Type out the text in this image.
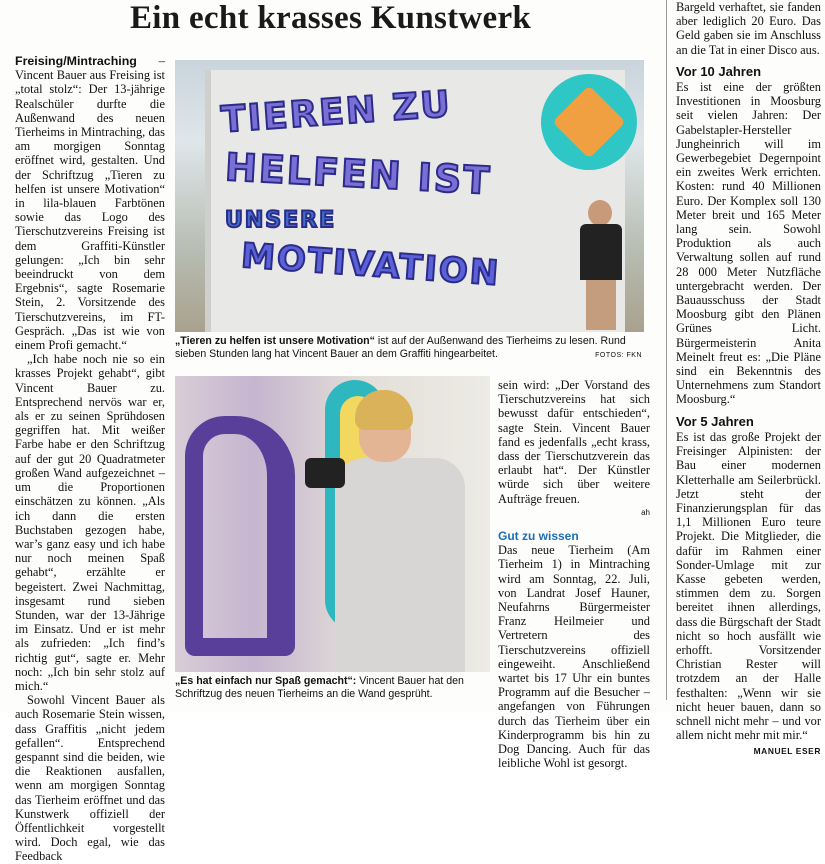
Ein echt krasses Kunstwerk

Freising/Mintraching – Vincent Bauer aus Freising ist „total stolz“: Der 13-jährige Realschüler durfte die Außenwand des neuen Tierheims in Mintraching, das am morgigen Sonntag eröffnet wird, gestalten. Und der Schriftzug „Tieren zu helfen ist unsere Motivation“ in lila-blauen Farbtönen sowie das Logo des Tierschutzvereins Freising ist dem Graffiti-Künstler gelungen: „Ich bin sehr beeindruckt von dem Ergebnis“, sagte Rosemarie Stein, 2. Vorsitzende des Tierschutzvereins, im FT-Gespräch. „Das ist wie von einem Profi gemacht.“

„Ich habe noch nie so ein krasses Projekt gehabt“, gibt Vincent Bauer zu. Entsprechend nervös war er, als er zu seinen Sprühdosen gegriffen hat. Mit weißer Farbe habe er den Schriftzug auf der gut 20 Quadratmeter großen Wand aufgezeichnet – um die Proportionen einschätzen zu können. „Als ich dann die ersten Buchstaben gezogen habe, war’s ganz easy und ich habe nur noch meinen Spaß gehabt“, erzählte er begeistert. Zwei Nachmittag, insgesamt rund sieben Stunden, war der 13-Jährige im Einsatz. Und er ist mehr als zufrieden: „Ich find’s richtig gut“, sagte er. Mehr noch: „Ich bin sehr stolz auf mich.“

Sowohl Vincent Bauer als auch Rosemarie Stein wissen, dass Graffitis „nicht jedem gefallen“. Entsprechend gespannt sind die beiden, wie die Reaktionen ausfallen, wenn am morgigen Sonntag das Tierheim eröffnet und das Kunstwerk offiziell der Öffentlichkeit vorgestellt wird. Doch egal, wie das Feedback

TIEREN ZU
HELFEN IST
UNSERE
MOTIVATION
„Tieren zu helfen ist unsere Motivation“ ist auf der Außenwand des Tierheims zu lesen. Rund sieben Stunden lang hat Vincent Bauer an dem Graffiti hingearbeitet.	FOTOS: FKN
„Es hat einfach nur Spaß gemacht“: Vincent Bauer hat den Schriftzug des neuen Tierheims an die Wand gesprüht.

sein wird: „Der Vorstand des Tierschutzvereins hat sich bewusst dafür entschieden“, sagte Stein. Vincent Bauer fand es jedenfalls „echt krass, dass der Tierschutzverein das erlaubt hat“. Der Künstler würde sich über weitere Aufträge freuen.

ah
Gut zu wissen

Das neue Tierheim (Am Tierheim 1) in Mintraching wird am Sonntag, 22. Juli, von Landrat Josef Hauner, Neufahrns Bürgermeister Franz Heilmeier und Vertretern des Tierschutzvereins offiziell eingeweiht. Anschließend wartet bis 17 Uhr ein buntes Programm auf die Besucher – angefangen von Führungen durch das Tierheim über ein Kinderprogramm bis hin zu Dog Dancing. Auch für das leibliche Wohl ist gesorgt.

Bargeld verhaftet, sie fanden aber lediglich 20 Euro. Das Geld gaben sie im Anschluss an die Tat in einer Disco aus.

Vor 10 Jahren

Es ist eine der größten Investitionen in Moosburg seit vielen Jahren: Der Gabelstapler-Hersteller Jungheinrich will im Gewerbegebiet Degernpoint ein zweites Werk errichten. Kosten: rund 40 Millionen Euro. Der Komplex soll 130 Meter breit und 165 Meter lang sein. Sowohl Produktion als auch Verwaltung sollen auf rund 28 000 Meter Nutzfläche untergebracht werden. Der Bauausschuss der Stadt Moosburg gibt den Plänen Grünes Licht. Bürgermeisterin Anita Meinelt freut es: „Die Pläne sind ein Bekenntnis des Unternehmens zum Standort Moosburg.“

Vor 5 Jahren

Es ist das große Projekt der Freisinger Alpinisten: der Bau einer modernen Kletterhalle am Seilerbrückl. Jetzt steht der Finanzierungsplan für das 1,1 Millionen Euro teure Projekt. Die Mitglieder, die dafür im Rahmen einer Sonder-Umlage mit zur Kasse gebeten werden, stimmen dem zu. Sorgen bereitet ihnen allerdings, dass die Bürgschaft der Stadt nicht so hoch ausfällt wie erhofft. Vorsitzender Christian Rester will trotzdem an der Halle festhalten: „Wenn wir sie nicht heuer bauen, dann so schnell nicht mehr – und vor allem nicht mehr mit mir.“

MANUEL ESER
